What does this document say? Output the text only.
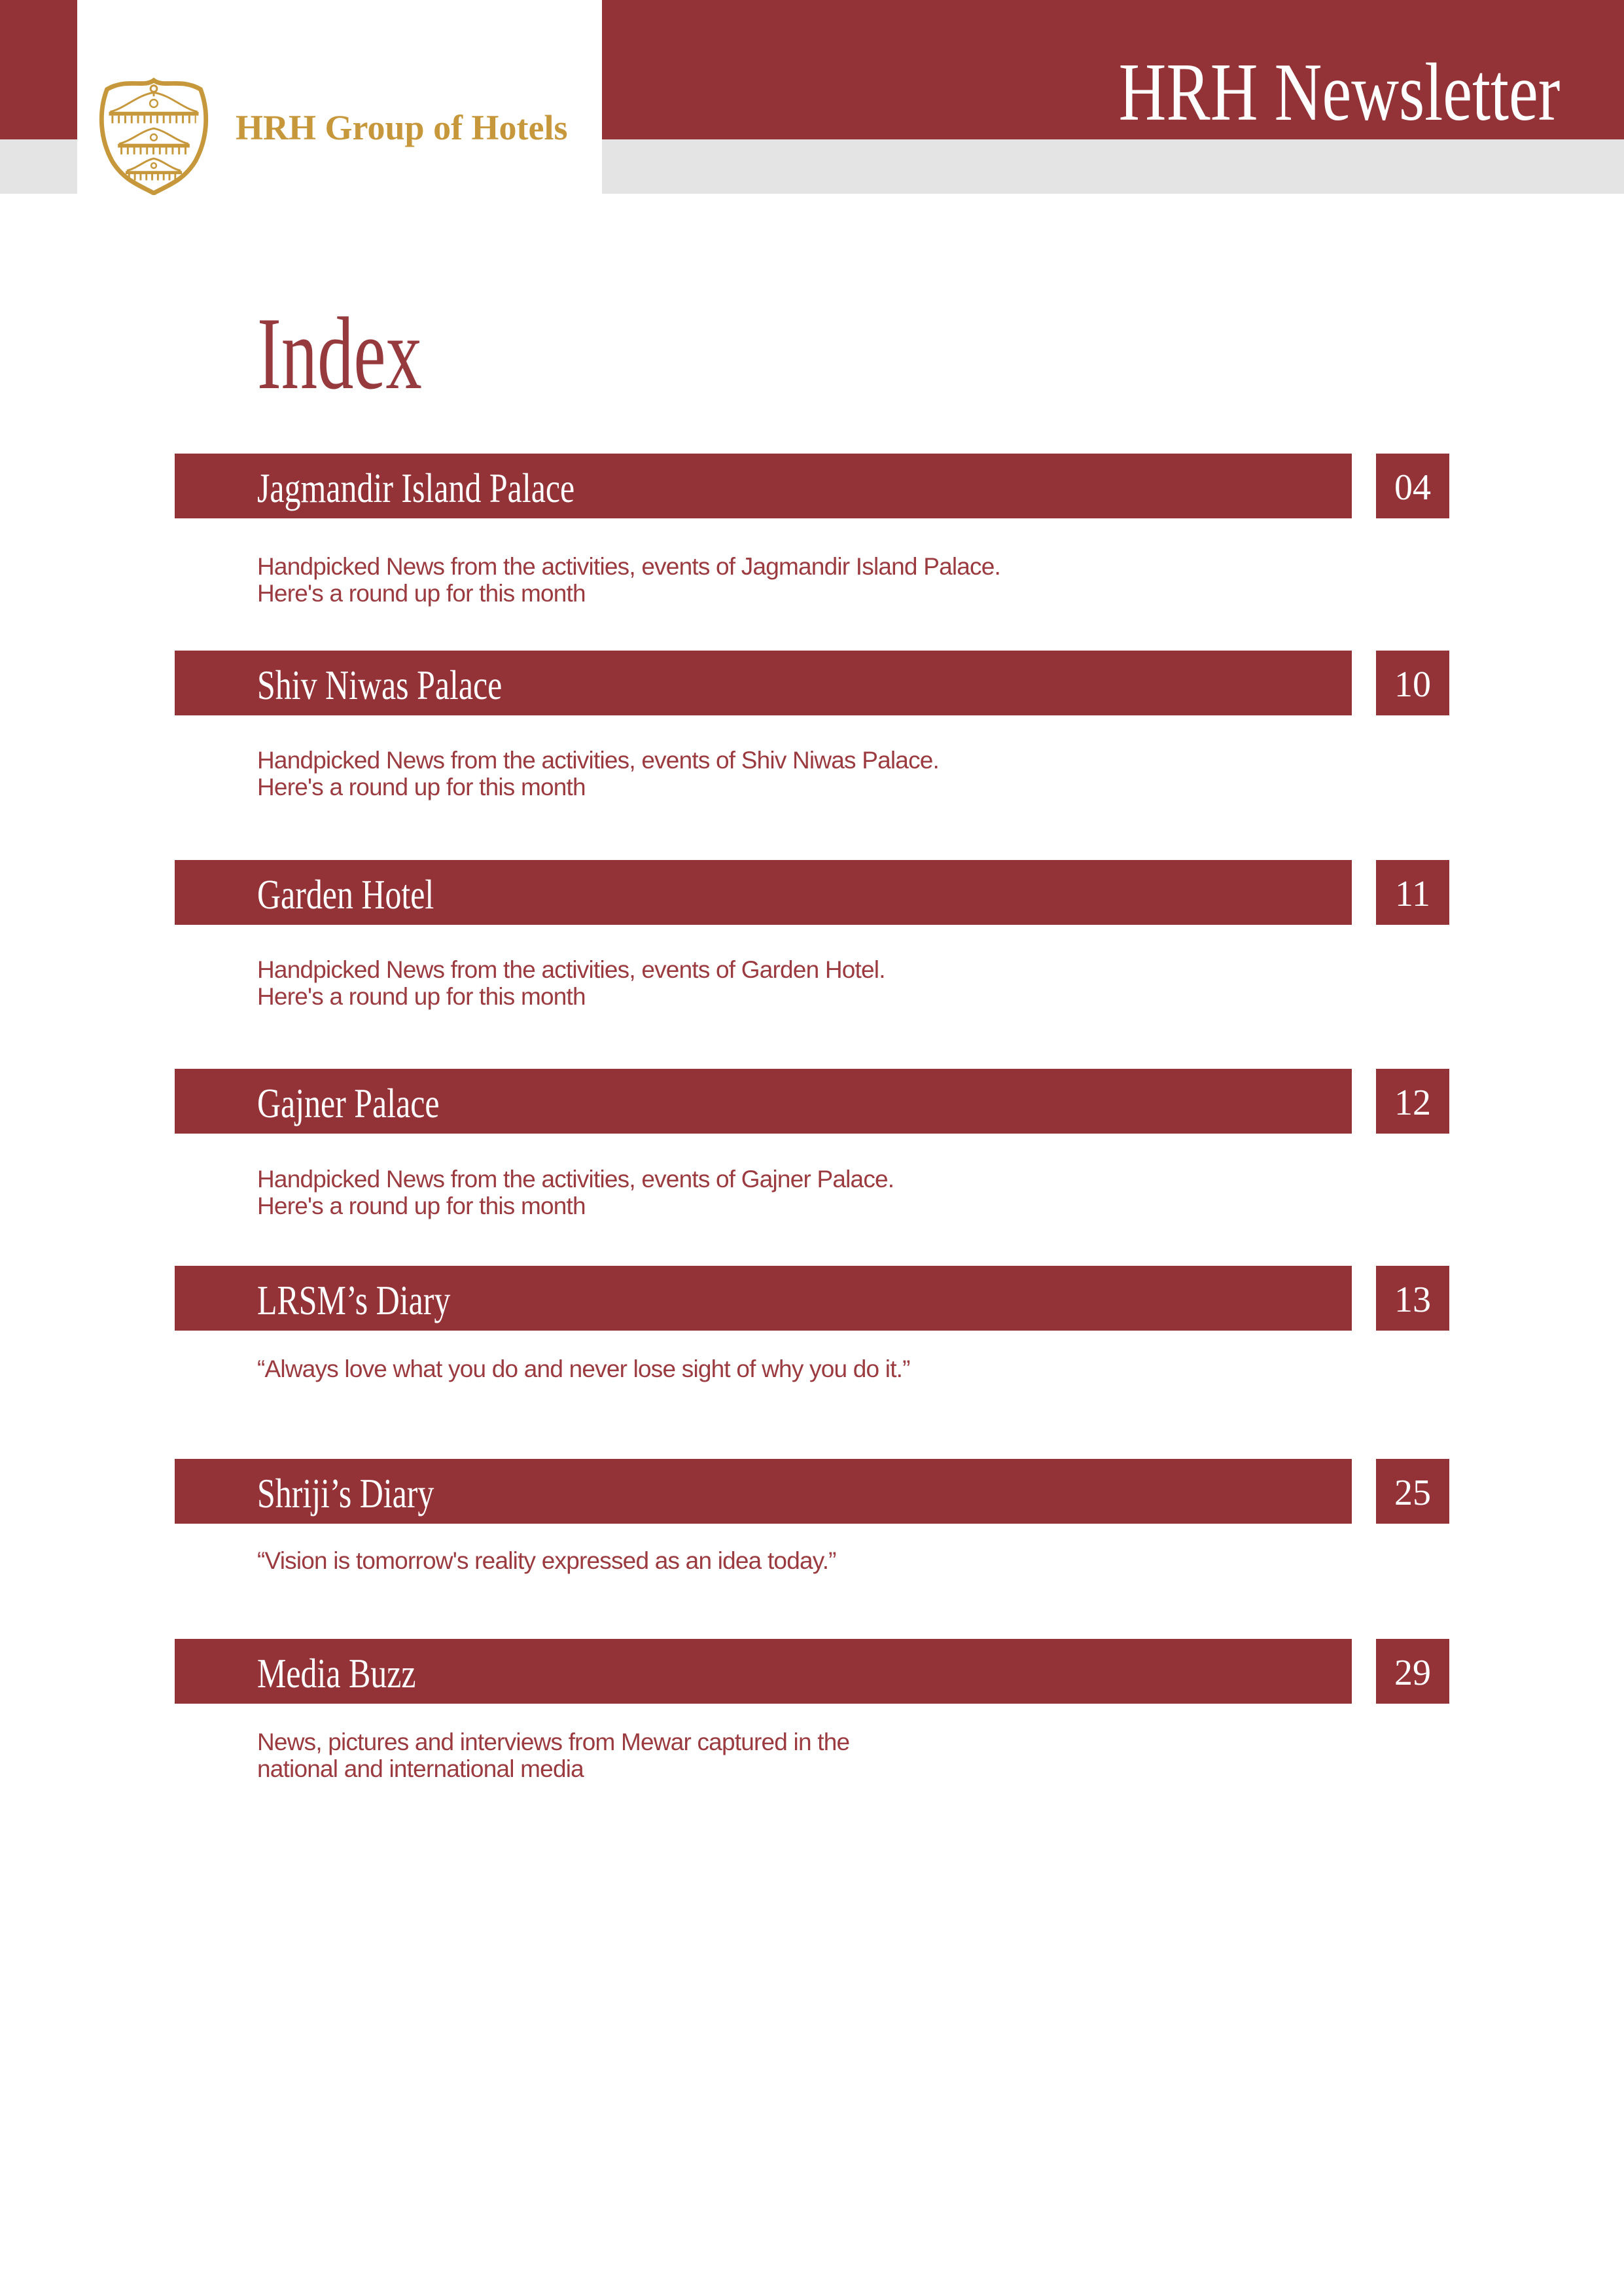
HRH Newsletter
HRH Group of Hotels
Index
Jagmandir Island Palace	04
Handpicked News from the activities, events of Jagmandir Island Palace.
Here's a round up for this month
Shiv Niwas Palace	10
Handpicked News from the activities, events of Shiv Niwas Palace.
Here's a round up for this month
Garden Hotel	11
Handpicked News from the activities, events of Garden Hotel.
Here's a round up for this month
Gajner Palace	12
Handpicked News from the activities, events of Gajner Palace.
Here's a round up for this month
LRSM’s Diary	13
“Always love what you do and never lose sight of why you do it.”
Shriji’s Diary	25
“Vision is tomorrow's reality expressed as an idea today.”
Media Buzz	29
News, pictures and interviews from Mewar captured in the
national and international media
